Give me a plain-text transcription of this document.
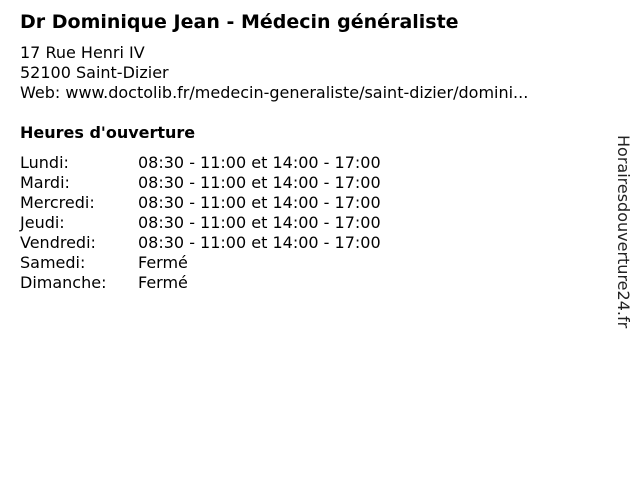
Dr Dominique Jean - Médecin généraliste
17 Rue Henri IV
52100 Saint-Dizier
Web: www.doctolib.fr/medecin-generaliste/saint-dizier/domini...
Heures d'ouverture
Lundi:	08:30 - 11:00 et 14:00 - 17:00
Mardi:	08:30 - 11:00 et 14:00 - 17:00
Mercredi:	08:30 - 11:00 et 14:00 - 17:00
Jeudi:	08:30 - 11:00 et 14:00 - 17:00
Vendredi:	08:30 - 11:00 et 14:00 - 17:00
Samedi:	Fermé
Dimanche: Fermé	Horairesdouverture24.fr
